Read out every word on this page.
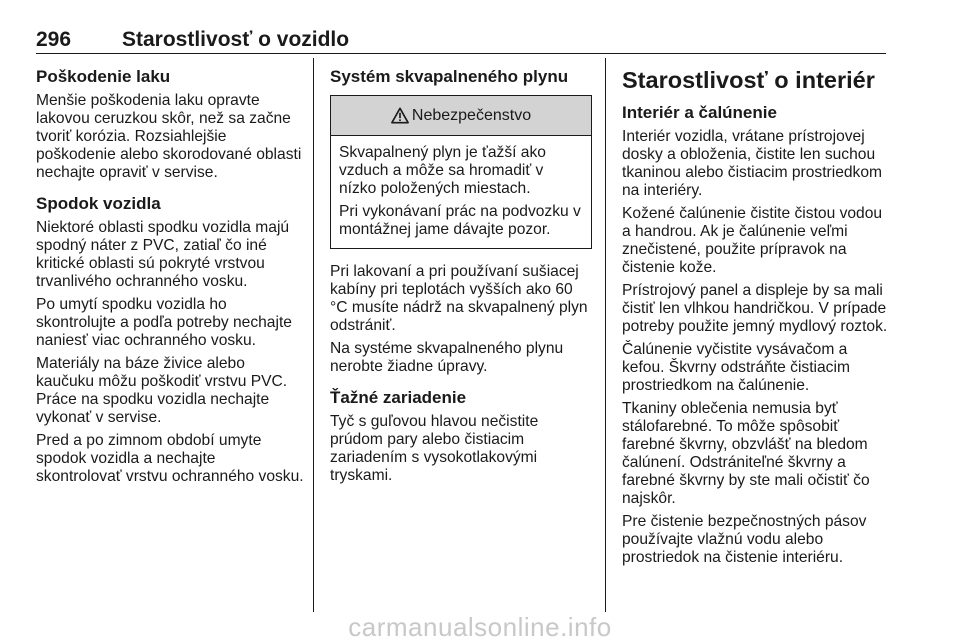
296 Starostlivosť o vozidlo
Poškodenie laku

Menšie poškodenia laku opravte lakovou ceruzkou skôr, než sa začne tvoriť korózia. Rozsiahlejšie poškodenie alebo skorodované oblasti nechajte opraviť v servise.

Spodok vozidla

Niektoré oblasti spodku vozidla majú spodný náter z PVC, zatiaľ čo iné kritické oblasti sú pokryté vrstvou trvanlivého ochranného vosku.

Po umytí spodku vozidla ho skontrolujte a podľa potreby nechajte naniesť viac ochranného vosku.

Materiály na báze živice alebo kaučuku môžu poškodiť vrstvu PVC. Práce na spodku vozidla nechajte vykonať v servise.

Pred a po zimnom období umyte spodok vozidla a nechajte skontrolovať vrstvu ochranného vosku.

Systém skvapalneného plynu
Nebezpečenstvo

Skvapalnený plyn je ťažší ako vzduch a môže sa hromadiť v nízko položených miestach.

Pri vykonávaní prác na podvozku v montážnej jame dávajte pozor.

Pri lakovaní a pri používaní sušiacej kabíny pri teplotách vyšších ako 60 °C musíte nádrž na skvapalnený plyn odstrániť.

Na systéme skvapalneného plynu nerobte žiadne úpravy.

Ťažné zariadenie

Tyč s guľovou hlavou nečistite prúdom pary alebo čistiacim zariadením s vysokotlakovými tryskami.

Starostlivosť o interiér
Interiér a čalúnenie

Interiér vozidla, vrátane prístrojovej dosky a obloženia, čistite len suchou tkaninou alebo čistiacim prostriedkom na interiéry.

Kožené čalúnenie čistite čistou vodou a handrou. Ak je čalúnenie veľmi znečistené, použite prípravok na čistenie kože.

Prístrojový panel a displeje by sa mali čistiť len vlhkou handričkou. V prípade potreby použite jemný mydlový roztok.

Čalúnenie vyčistite vysávačom a kefou. Škvrny odstráňte čistiacim prostriedkom na čalúnenie.

Tkaniny oblečenia nemusia byť stálofarebné. To môže spôsobiť farebné škvrny, obzvlášť na bledom čalúnení. Odstrániteľné škvrny a farebné škvrny by ste mali očistiť čo najskôr.

Pre čistenie bezpečnostných pásov používajte vlažnú vodu alebo prostriedok na čistenie interiéru.

carmanualsonline.info
